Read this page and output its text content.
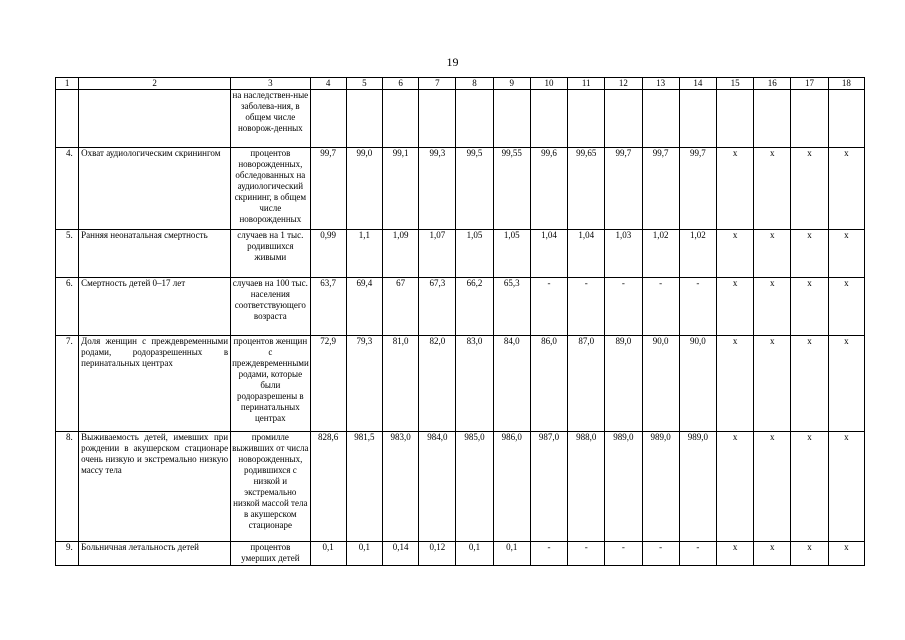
19
1	2	3	4	5	6	7	8	9	10	11	12	13	14	15	16	17	18
		на наследствен-ные заболева-ния, в общем числе новорож-денных															
4.	Охват аудиологическим скринингом	процентов новорожденных, обследованных на аудиологический скрининг, в общем числе новорожденных	99,7	99,0	99,1	99,3	99,5	99,55	99,6	99,65	99,7	99,7	99,7	х	х	х	х
5.	Ранняя неонатальная смертность	случаев на 1 тыс. родившихся живыми	0,99	1,1	1,09	1,07	1,05	1,05	1,04	1,04	1,03	1,02	1,02	х	х	х	х
6.	Смертность детей 0–17 лет	случаев на 100 тыс. населения соответствующего возраста	63,7	69,4	67	67,3	66,2	65,3	-	-	-	-	-	х	х	х	х
7.	Доля женщин с преждевременными родами, родоразрешенных в перинатальных центрах	процентов женщин с преждевременными родами, которые были родоразрешены в перинатальных центрах	72,9	79,3	81,0	82,0	83,0	84,0	86,0	87,0	89,0	90,0	90,0	х	х	х	х
8.	Выживаемость детей, имевших при рождении в акушерском стационаре очень низкую и экстремально низкую массу тела	промилле выживших от числа новорожденных, родившихся с низкой и экстремально низкой массой тела в акушерском стационаре	828,6	981,5	983,0	984,0	985,0	986,0	987,0	988,0	989,0	989,0	989,0	х	х	х	х
9.	Больничная летальность детей	процентов умерших детей	0,1	0,1	0,14	0,12	0,1	0,1	-	-	-	-	-	х	х	х	х
